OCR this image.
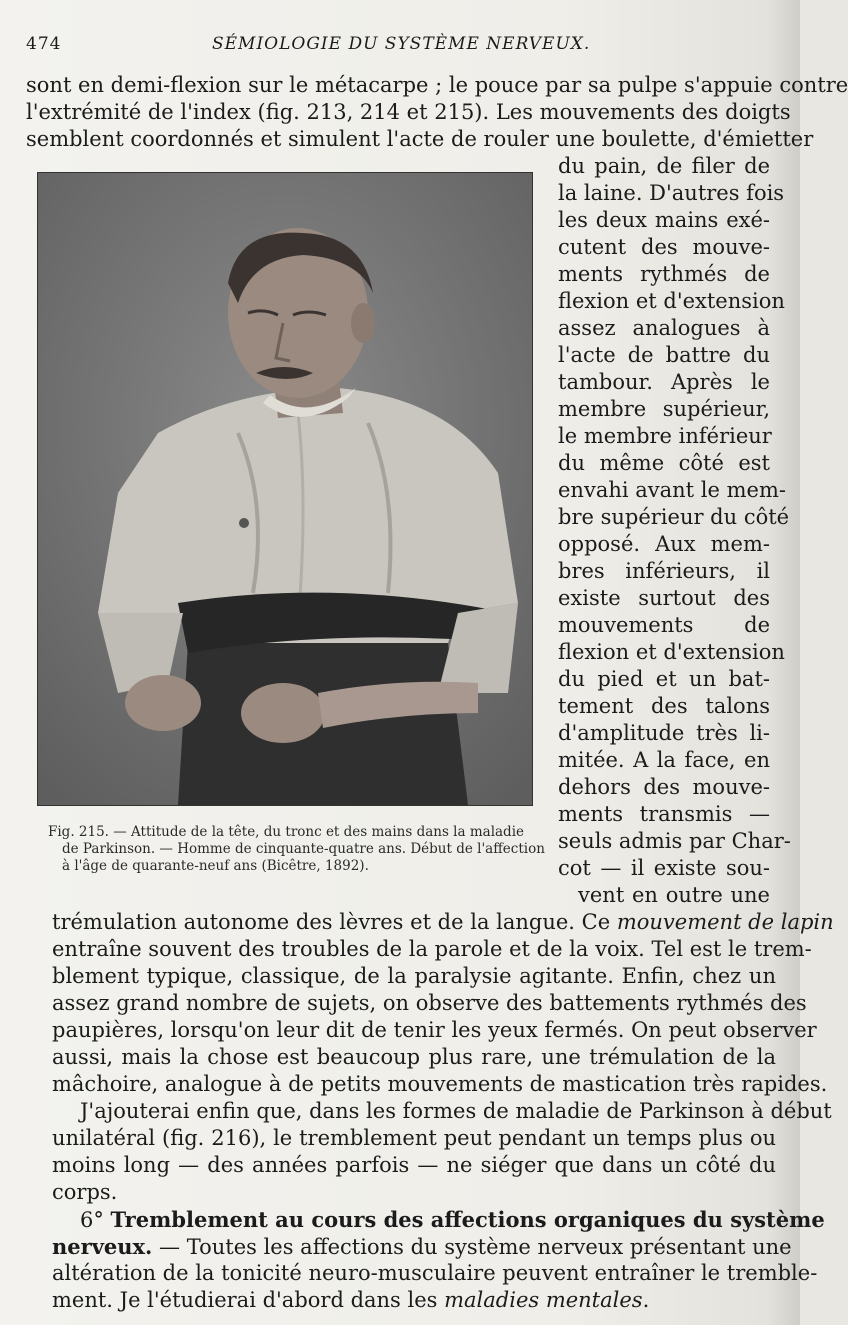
474	SÉMIOLOGIE DU SYSTÈME NERVEUX.
sont en demi-flexion sur le métacarpe ; le pouce par sa pulpe s'appuie contre
l'extrémité de l'index (fig. 213, 214 et 215). Les mouvements des doigts
semblent coordonnés et simulent l'acte de rouler une boulette, d'émietter
du pain, de filer de
la laine. D'autres fois
les deux mains exé-
cutent des mouve-
ments rythmés de
flexion et d'extension
assez analogues à
l'acte de battre du
tambour. Après le
membre supérieur,
le membre inférieur
du même côté est
envahi avant le mem-
bre supérieur du côté
opposé. Aux mem-
bres inférieurs, il
existe surtout des
mouvements de
flexion et d'extension
du pied et un bat-
tement des talons
d'amplitude très li-
mitée. A la face, en
dehors des mouve-
ments transmis —
seuls admis par Char-
cot — il existe sou-
vent en outre une
Fig. 215. — Attitude de la tête, du tronc et des mains dans la maladie
de Parkinson. — Homme de cinquante-quatre ans. Début de l'affection
à l'âge de quarante-neuf ans (Bicêtre, 1892).
trémulation autonome des lèvres et de la langue. Ce mouvement de lapin
entraîne souvent des troubles de la parole et de la voix. Tel est le trem-
blement typique, classique, de la paralysie agitante. Enfin, chez un
assez grand nombre de sujets, on observe des battements rythmés des
paupières, lorsqu'on leur dit de tenir les yeux fermés. On peut observer
aussi, mais la chose est beaucoup plus rare, une trémulation de la
mâchoire, analogue à de petits mouvements de mastication très rapides.
J'ajouterai enfin que, dans les formes de maladie de Parkinson à début
unilatéral (fig. 216), le tremblement peut pendant un temps plus ou
moins long — des années parfois — ne siéger que dans un côté du
corps.
6° Tremblement au cours des affections organiques du système
nerveux. — Toutes les affections du système nerveux présentant une
altération de la tonicité neuro-musculaire peuvent entraîner le tremble-
ment. Je l'étudierai d'abord dans les maladies mentales.
